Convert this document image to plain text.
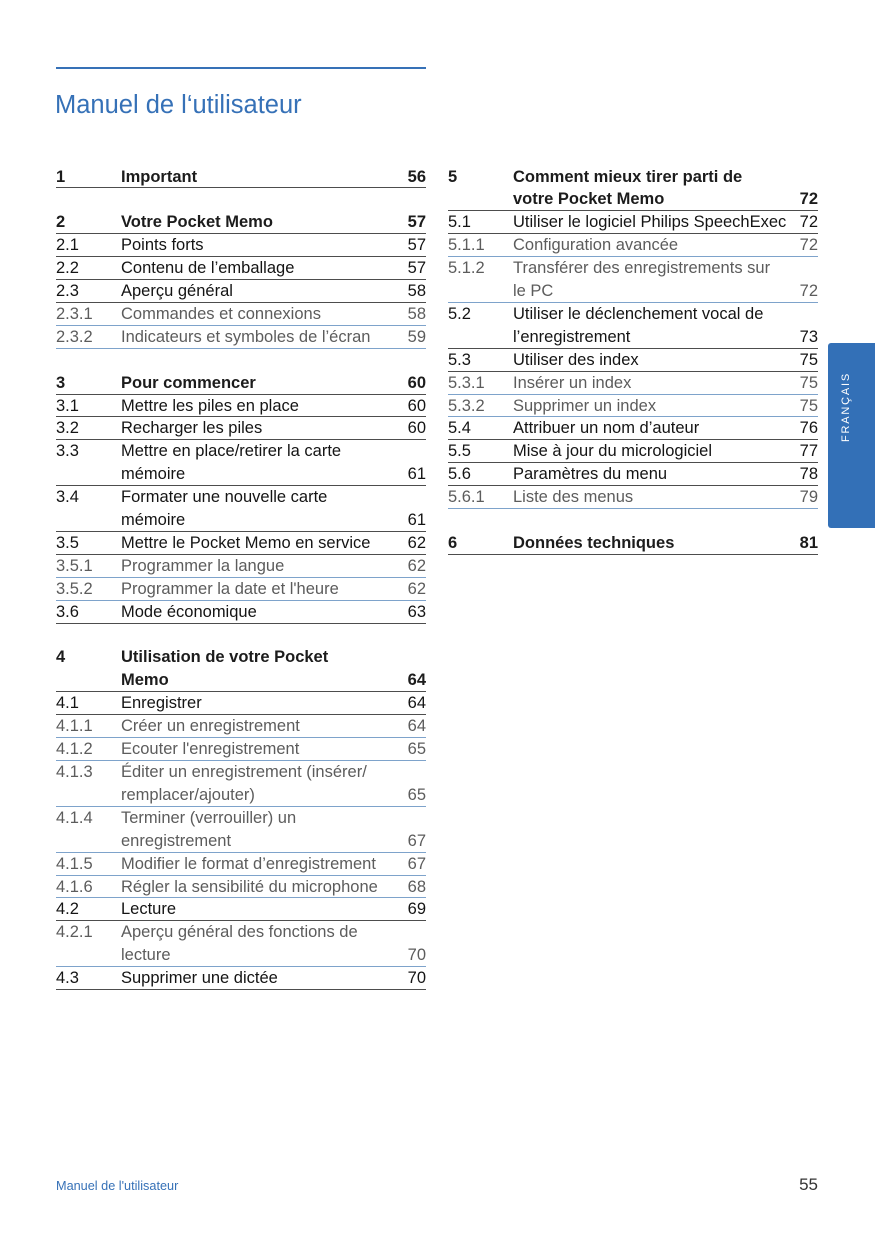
Manuel de l‘utilisateur
1	Important	56
2	Votre Pocket Memo	57
2.1	Points forts	57
2.2	Contenu de l’emballage	57
2.3	Aperçu général	58
2.3.1	Commandes et connexions	58
2.3.2	Indicateurs et symboles de l’écran	59
3	Pour commencer	60
3.1	Mettre les piles en place	60
3.2	Recharger les piles	60
3.3	Mettre en place/retirer la carte
mémoire	61
3.4	Formater une nouvelle carte
mémoire	61
3.5	Mettre le Pocket Memo en service	62
3.5.1	Programmer la langue	62
3.5.2	Programmer la date et l'heure	62
3.6	Mode économique	63
4	Utilisation de votre Pocket
Memo	64
4.1	Enregistrer	64
4.1.1	Créer un enregistrement	64
4.1.2	Ecouter l'enregistrement	65
4.1.3	Éditer un enregistrement (insérer/
remplacer/ajouter)	65
4.1.4	Terminer (verrouiller) un
enregistrement	67
4.1.5	Modifier le format d’enregistrement	67
4.1.6	Régler la sensibilité du microphone	68
4.2	Lecture	69
4.2.1	Aperçu général des fonctions de
lecture	70
4.3	Supprimer une dictée	70
5	Comment mieux tirer parti de
votre Pocket Memo	72
5.1	Utiliser le logiciel Philips SpeechExec 72
5.1.1	Configuration avancée	72
5.1.2	Transférer des enregistrements sur
le PC	72
5.2	Utiliser le déclenchement vocal de
l’enregistrement	73
5.3	Utiliser des index	75
5.3.1	Insérer un index	75
5.3.2	Supprimer un index	75
5.4	Attribuer un nom d’auteur	76
5.5	Mise à jour du micrologiciel	77
5.6	Paramètres du menu	78
5.6.1	Liste des menus	79
6	Données techniques	81
FRANÇAIS
Manuel de l'utilisateur	55
